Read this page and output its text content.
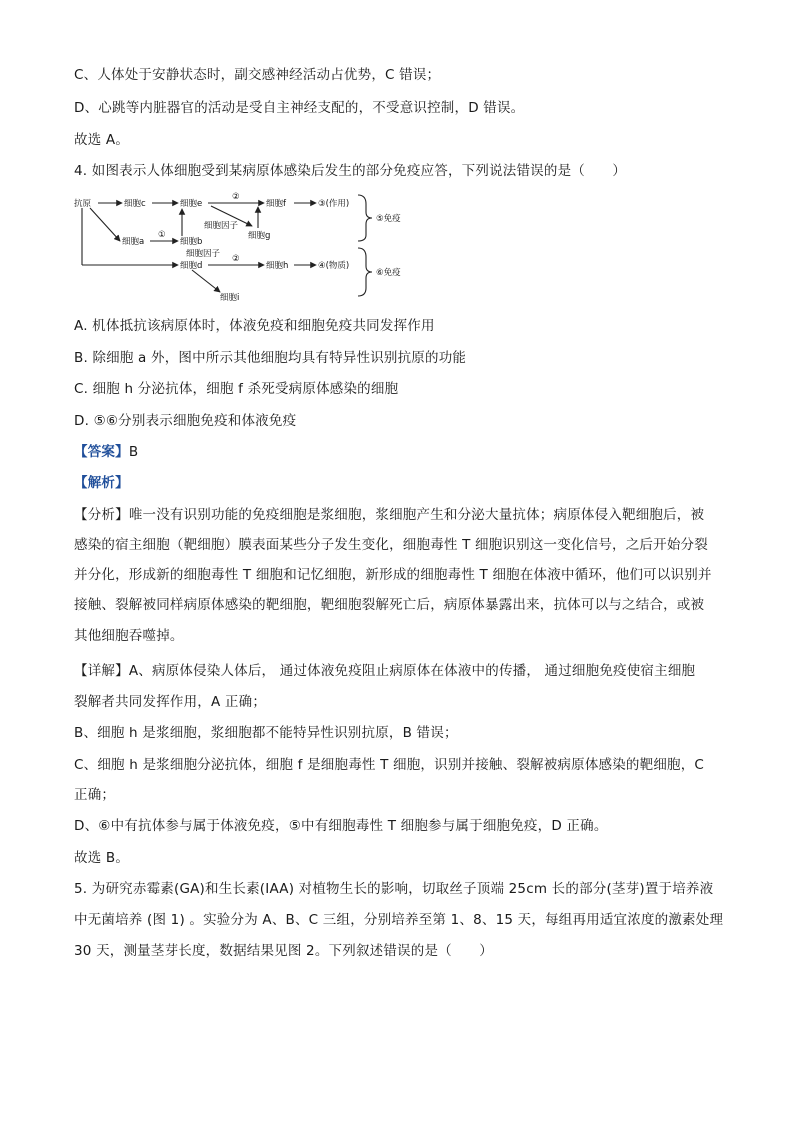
C、人体处于安静状态时，副交感神经活动占优势，C 错误；
D、心跳等内脏器官的活动是受自主神经支配的，不受意识控制，D 错误。
故选 A。
4. 如图表示人体细胞受到某病原体感染后发生的部分免疫应答，下列说法错误的是（　　）
抗原	细胞c	细胞e
②
细胞f	③(作用)
细胞g
细胞因子
细胞a
①
细胞b
细胞因子
细胞d
②
细胞h	④(物质)
细胞i
⑤免疫
⑥免疫
A. 机体抵抗该病原体时，体液免疫和细胞免疫共同发挥作用
B. 除细胞 a 外，图中所示其他细胞均具有特异性识别抗原的功能
C. 细胞 h 分泌抗体，细胞 f 杀死受病原体感染的细胞
D. ⑤⑥分别表示细胞免疫和体液免疫
【答案】B
【解析】
【分析】唯一没有识别功能的免疫细胞是浆细胞，浆细胞产生和分泌大量抗体；病原体侵入靶细胞后，被
感染的宿主细胞（靶细胞）膜表面某些分子发生变化，细胞毒性 T 细胞识别这一变化信号，之后开始分裂
并分化，形成新的细胞毒性 T 细胞和记忆细胞，新形成的细胞毒性 T 细胞在体液中循环，他们可以识别并
接触、裂解被同样病原体感染的靶细胞，靶细胞裂解死亡后，病原体暴露出来，抗体可以与之结合，或被
其他细胞吞噬掉。
【详解】A、病原体侵染人体后， 通过体液免疫阻止病原体在体液中的传播， 通过细胞免疫使宿主细胞
裂解者共同发挥作用，A 正确；
B、细胞 h 是浆细胞，浆细胞都不能特异性识别抗原，B 错误；
C、细胞 h 是浆细胞分泌抗体，细胞 f 是细胞毒性 T 细胞，识别并接触、裂解被病原体感染的靶细胞，C
正确；
D、⑥中有抗体参与属于体液免疫，⑤中有细胞毒性 T 细胞参与属于细胞免疫，D 正确。
故选 B。
5. 为研究赤霉素(GA)和生长素(IAA) 对植物生长的影响，切取丝子顶端 25cm 长的部分(茎芽)置于培养液
中无菌培养 (图 1) 。实验分为 A、B、C 三组，分别培养至第 1、8、15 天，每组再用适宜浓度的激素处理
30 天，测量茎芽长度，数据结果见图 2。下列叙述错误的是（　　）
